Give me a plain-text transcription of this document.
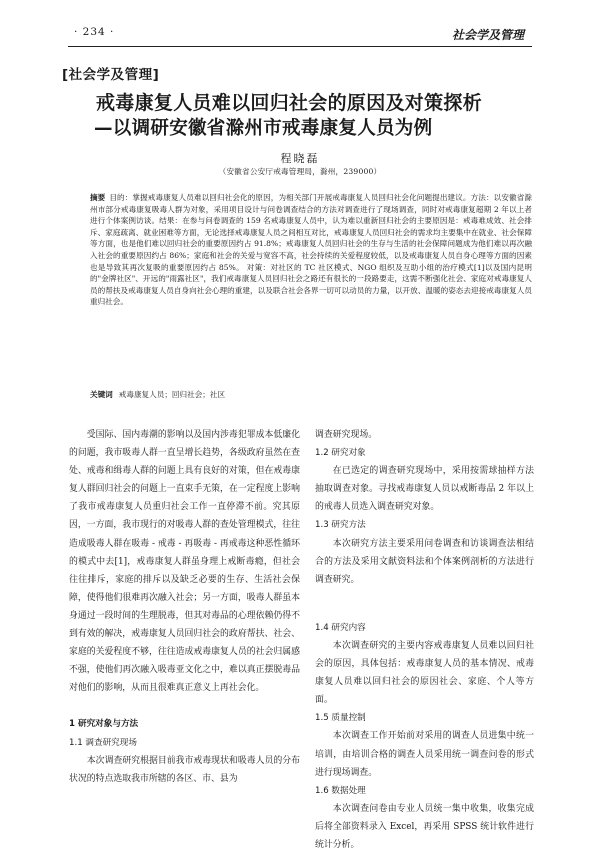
· 234 ·	社会学及管理
[社会学及管理]
戒毒康复人员难以回归社会的原因及对策探析
—以调研安徽省滁州市戒毒康复人员为例
程晓磊
（安徽省公安厅戒毒管理局，滁州，239000）
摘要 目的：掌握戒毒康复人员难以回归社会化的原因，为相关部门开展戒毒康复人员回归社会化问题提出建议。方法：以安徽省滁州市部分戒毒康复吸毒人群为对象，采用项目设计与问卷调查结合的方法对调查进行了现场调查，同时对戒毒康复超期 2 年以上者进行个体案例访谈。结果：在参与问卷调查的 159 名戒毒康复人员中，认为难以重新回归社会的主要原因是：戒毒难成效、社会排斥、家庭疏离、就业困难等方面，无论选择戒毒康复人员之间相互对比，戒毒康复人员回归社会的需求均主要集中在就业、社会保障等方面，也是他们难以回归社会的重要原因约占 91.8%；戒毒康复人员回归社会的生存与生活的社会保障问题成为他们难以再次融入社会的重要原因约占 86%；家庭和社会的关爱与宽容不高，社会持续的关爱程度较低，以及戒毒康复人员自身心理等方面的因素也是导致其再次复吸的重要原因约占 85%。 对策：对社区的 TC 社区模式、NGO 组织及互助小组的治疗模式[1]以及国内昆明的"金牌社区"、开远的"雨露社区"，我们戒毒康复人员回归社会之路还有很长的一段路要走，这需不断强化社会、家庭对戒毒康复人员的帮扶及戒毒康复人员自身向社会心理的重建，以及联合社会各界一切可以动员的力量，以开放、温暖的姿态去迎接戒毒康复人员重归社会。
关键词 戒毒康复人员；回归社会；社区

受国际、国内毒潮的影响以及国内涉毒犯罪成本低廉化的问题，我市吸毒人群一直呈增长趋势，各级政府虽然在查处、戒毒和缉毒人群的问题上具有良好的对策，但在戒毒康复人群回归社会的问题上一直束手无策，在一定程度上影响了我市戒毒康复人员重归社会工作一直停滞不前。究其原因，一方面，我市现行的对吸毒人群的查处管理模式，往往造成吸毒人群在吸毒 - 戒毒 - 再吸毒 - 再戒毒这种恶性循环的模式中去[1]，戒毒康复人群虽身理上戒断毒瘾，但社会往往排斥，家庭的排斥以及缺乏必要的生存、生活社会保障，使得他们很难再次融入社会；另一方面，吸毒人群虽本身通过一段时间的生理脱毒，但其对毒品的心理依赖仍得不到有效的解决，戒毒康复人员回归社会的政府帮扶、社会、家庭的关爱程度不够，往往造成戒毒康复人员的社会归属感不强，使他们再次融入吸毒亚文化之中，难以真正摆脱毒品对他们的影响，从而且很难真正意义上再社会化。

1 研究对象与方法

1.1 调查研究现场

本次调查研究根据目前我市戒毒现状和吸毒人员的分布状况的特点选取我市所辖的各区、市、县为

调查研究现场。

1.2 研究对象

在已选定的调查研究现场中，采用按需球抽样方法抽取调查对象。寻找戒毒康复人员以戒断毒品 2 年以上的戒毒人员选入调查研究对象。

1.3 研究方法

本次研究方法主要采用问卷调查和访谈调查法相结合的方法及采用文献资料法和个体案例剖析的方法进行调查研究。

1.4 研究内容

本次调查研究的主要内容戒毒康复人员难以回归社会的原因，具体包括：戒毒康复人员的基本情况、戒毒康复人员难以回归社会的原因社会、家庭、个人等方面。

1.5 质量控制

本次调查工作开始前对采用的调查人员进集中统一培训，由培训合格的调查人员采用统一调查问卷的形式进行现场调查。

1.6 数据处理

本次调查问卷由专业人员统一集中收集，收集完成后将全部资料录入 Excel，再采用 SPSS 统计软件进行统计分析。
